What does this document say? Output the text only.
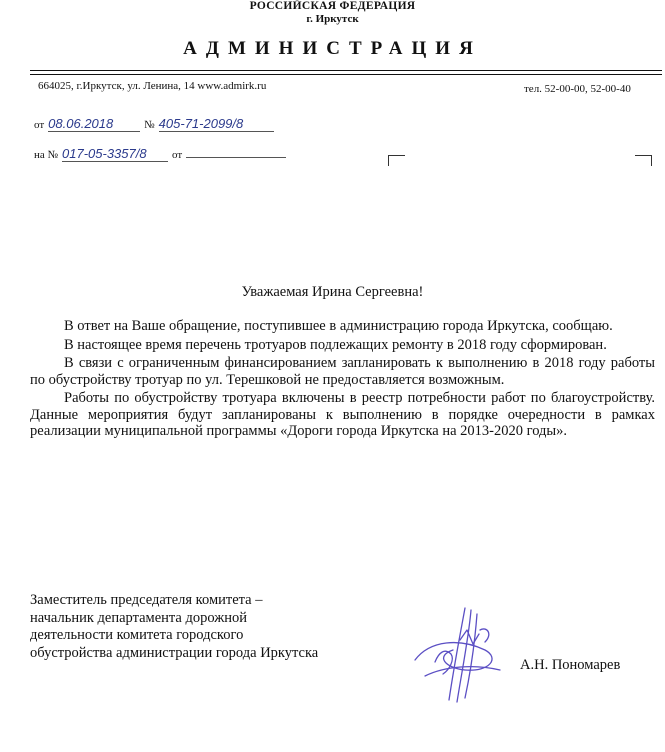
РОССИЙСКАЯ ФЕДЕРАЦИЯ
г. Иркутск
АДМИНИСТРАЦИЯ
664025, г.Иркутск, ул. Ленина, 14 www.admirk.ru	тел. 52-00-00, 52-00-40
от 08.06.2018	№ 405-71-2099/8
на № 017-05-3357/8 от
Уважаемая Ирина Сергеевна!

В ответ на Ваше обращение, поступившее в администрацию города Иркутска, сообщаю.

В настоящее время перечень тротуаров подлежащих ремонту в 2018 году сформирован.

В связи с ограниченным финансированием запланировать к выполнению в 2018 году работы по обустройству тротуар по ул. Терешковой не предоставляется возможным.

Работы по обустройству тротуара включены в реестр потребности работ по благоустройству. Данные мероприятия будут запланированы к выполнению в порядке очередности в рамках реализации муниципальной программы «Дороги города Иркутска на 2013-2020 годы».

Заместитель председателя комитета –
начальник департамента дорожной
деятельности комитета городского
обустройства администрации города Иркутска
А.Н. Пономарев
